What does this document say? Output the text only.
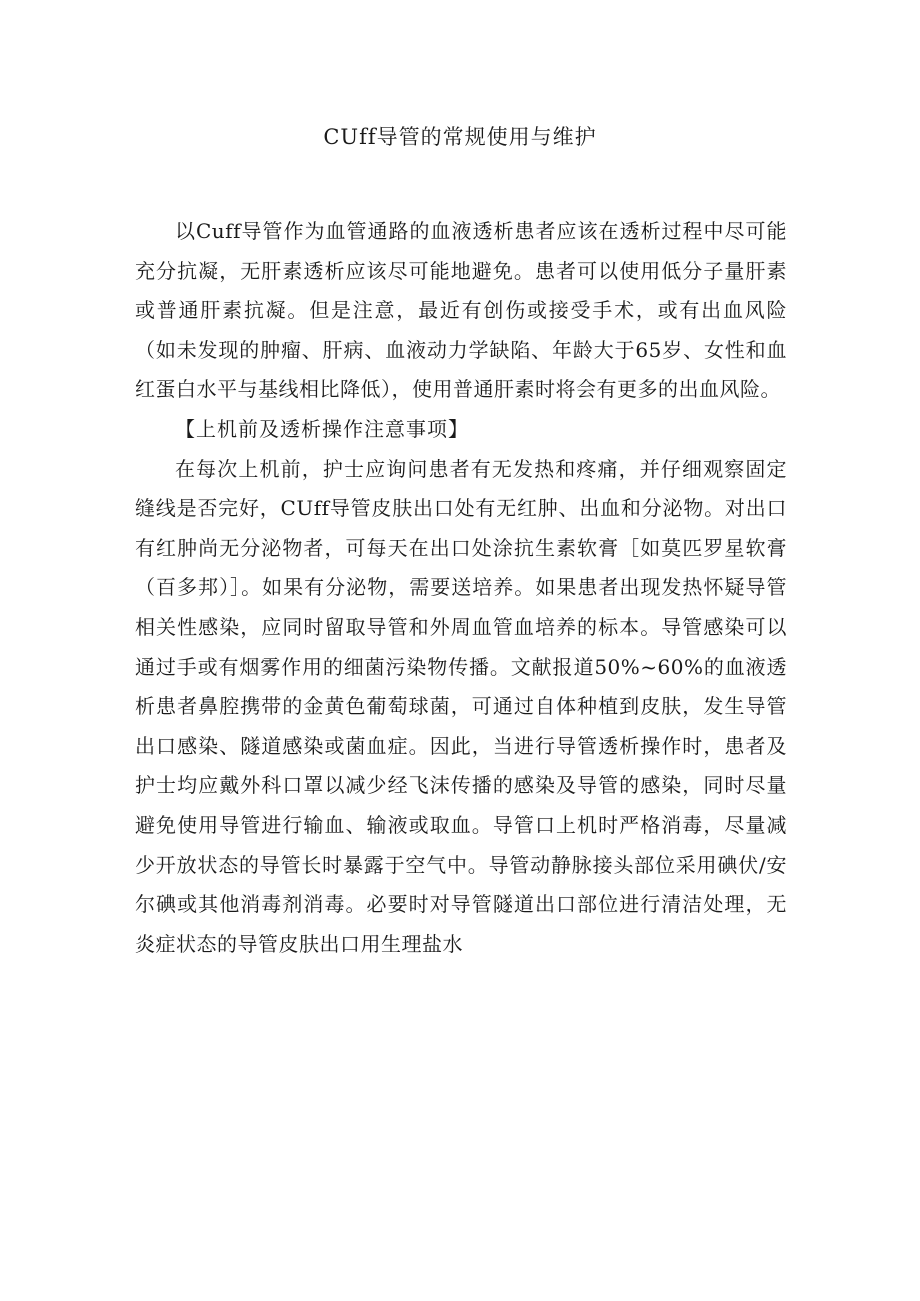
CUff导管的常规使用与维护

以Cuff导管作为血管通路的血液透析患者应该在透析过程中尽可能充分抗凝，无肝素透析应该尽可能地避免。患者可以使用低分子量肝素或普通肝素抗凝。但是注意，最近有创伤或接受手术，或有出血风险（如未发现的肿瘤、肝病、血液动力学缺陷、年龄大于65岁、女性和血红蛋白水平与基线相比降低），使用普通肝素时将会有更多的出血风险。

【上机前及透析操作注意事项】

在每次上机前，护士应询问患者有无发热和疼痛，并仔细观察固定缝线是否完好，CUff导管皮肤出口处有无红肿、出血和分泌物。对出口有红肿尚无分泌物者，可每天在出口处涂抗生素软膏［如莫匹罗星软膏（百多邦）］。如果有分泌物，需要送培养。如果患者出现发热怀疑导管相关性感染，应同时留取导管和外周血管血培养的标本。导管感染可以通过手或有烟雾作用的细菌污染物传播。文献报道50%~60%的血液透析患者鼻腔携带的金黄色葡萄球菌，可通过自体种植到皮肤，发生导管出口感染、隧道感染或菌血症。因此，当进行导管透析操作时，患者及护士均应戴外科口罩以减少经飞沫传播的感染及导管的感染，同时尽量避免使用导管进行输血、输液或取血。导管口上机时严格消毒，尽量减少开放状态的导管长时暴露于空气中。导管动静脉接头部位采用碘伏/安尔碘或其他消毒剂消毒。必要时对导管隧道出口部位进行清洁处理，无炎症状态的导管皮肤出口用生理盐水
